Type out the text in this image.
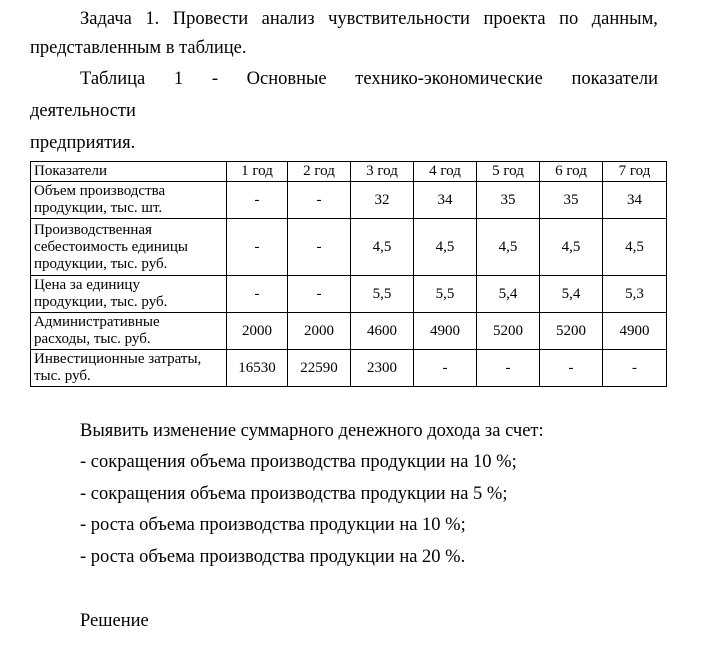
Задача 1. Провести анализ чувствительности проекта по данным,
представленным в таблице.
Таблица 1 - Основные технико-экономические показатели
деятельности
предприятия.
Показатели	1 год	2 год	3 год	4 год	5 год	6 год	7 год

Объем производства
продукции, тыс. шт.	-	-	32	34	35	35	34

Производственная
себестоимость единицы
продукции, тыс. руб.	-	-	4,5	4,5	4,5	4,5	4,5

Цена за единицу
продукции, тыс. руб.	-	-	5,5	5,5	5,4	5,4	5,3

Административные
расходы, тыс. руб.	2000	2000	4600	4900	5200	5200	4900

Инвестиционные затраты,
тыс. руб.	16530	22590	2300	-	-	-	-
Выявить изменение суммарного денежного дохода за счет:
- сокращения объема производства продукции на 10 %;
- сокращения объема производства продукции на 5 %;
- роста объема производства продукции на 10 %;
- роста объема производства продукции на 20 %.
Решение
